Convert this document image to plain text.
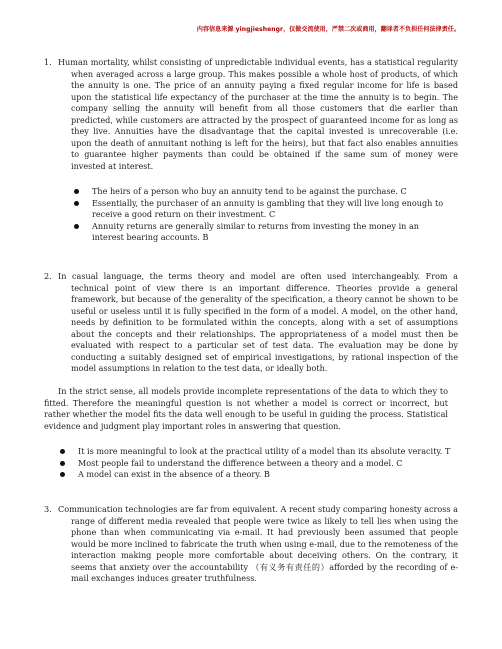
内容信息来源 yingjieshengr，仅做交流使用，严禁二次或商用，翻译者不负担任何法律责任。
1. Human mortality, whilst consisting of unpredictable individual events, has a statistical regularity when averaged across a large group. This makes possible a whole host of products, of which the annuity is one. The price of an annuity paying a fixed regular income for life is based upon the statistical life expectancy of the purchaser at the time the annuity is to begin. The company selling the annuity will benefit from all those customers that die earlier than predicted, while customers are attracted by the prospect of guaranteed income for as long as they live. Annuities have the disadvantage that the capital invested is unrecoverable (i.e. upon the death of annuitant nothing is left for the heirs), but that fact also enables annuities to guarantee higher payments than could be obtained if the same sum of money were invested at interest.

The heirs of a person who buy an annuity tend to be against the purchase. C
Essentially, the purchaser of an annuity is gambling that they will live long enough to receive a good return on their investment. C
Annuity returns are generally similar to returns from investing the money in an interest bearing accounts. B
2. In casual language, the terms theory and model are often used interchangeably. From a technical point of view there is an important difference. Theories provide a general framework, but because of the generality of the specification, a theory cannot be shown to be useful or useless until it is fully specified in the form of a model. A model, on the other hand, needs by definition to be formulated within the concepts, along with a set of assumptions about the concepts and their relationships. The appropriateness of a model must then be evaluated with respect to a particular set of test data. The evaluation may be done by conducting a suitably designed set of empirical investigations, by rational inspection of the model assumptions in relation to the test data, or ideally both.

In the strict sense, all models provide incomplete representations of the data to which they to fitted. Therefore the meaningful question is not whether a model is correct or incorrect, but rather whether the model fits the data well enough to be useful in guiding the process. Statistical evidence and judgment play important roles in answering that question.
It is more meaningful to look at the practical utility of a model than its absolute veracity. T
Most people fail to understand the difference between a theory and a model. C
A model can exist in the absence of a theory. B
3. Communication technologies are far from equivalent. A recent study comparing honesty across a range of different media revealed that people were twice as likely to tell lies when using the phone than when communicating via e-mail. It had previously been assumed that people would be more inclined to fabricate the truth when using e-mail, due to the remoteness of the interaction making people more comfortable about deceiving others. On the contrary, it seems that anxiety over the accountability （有义务有责任的）afforded by the recording of e-mail exchanges induces greater truthfulness.
